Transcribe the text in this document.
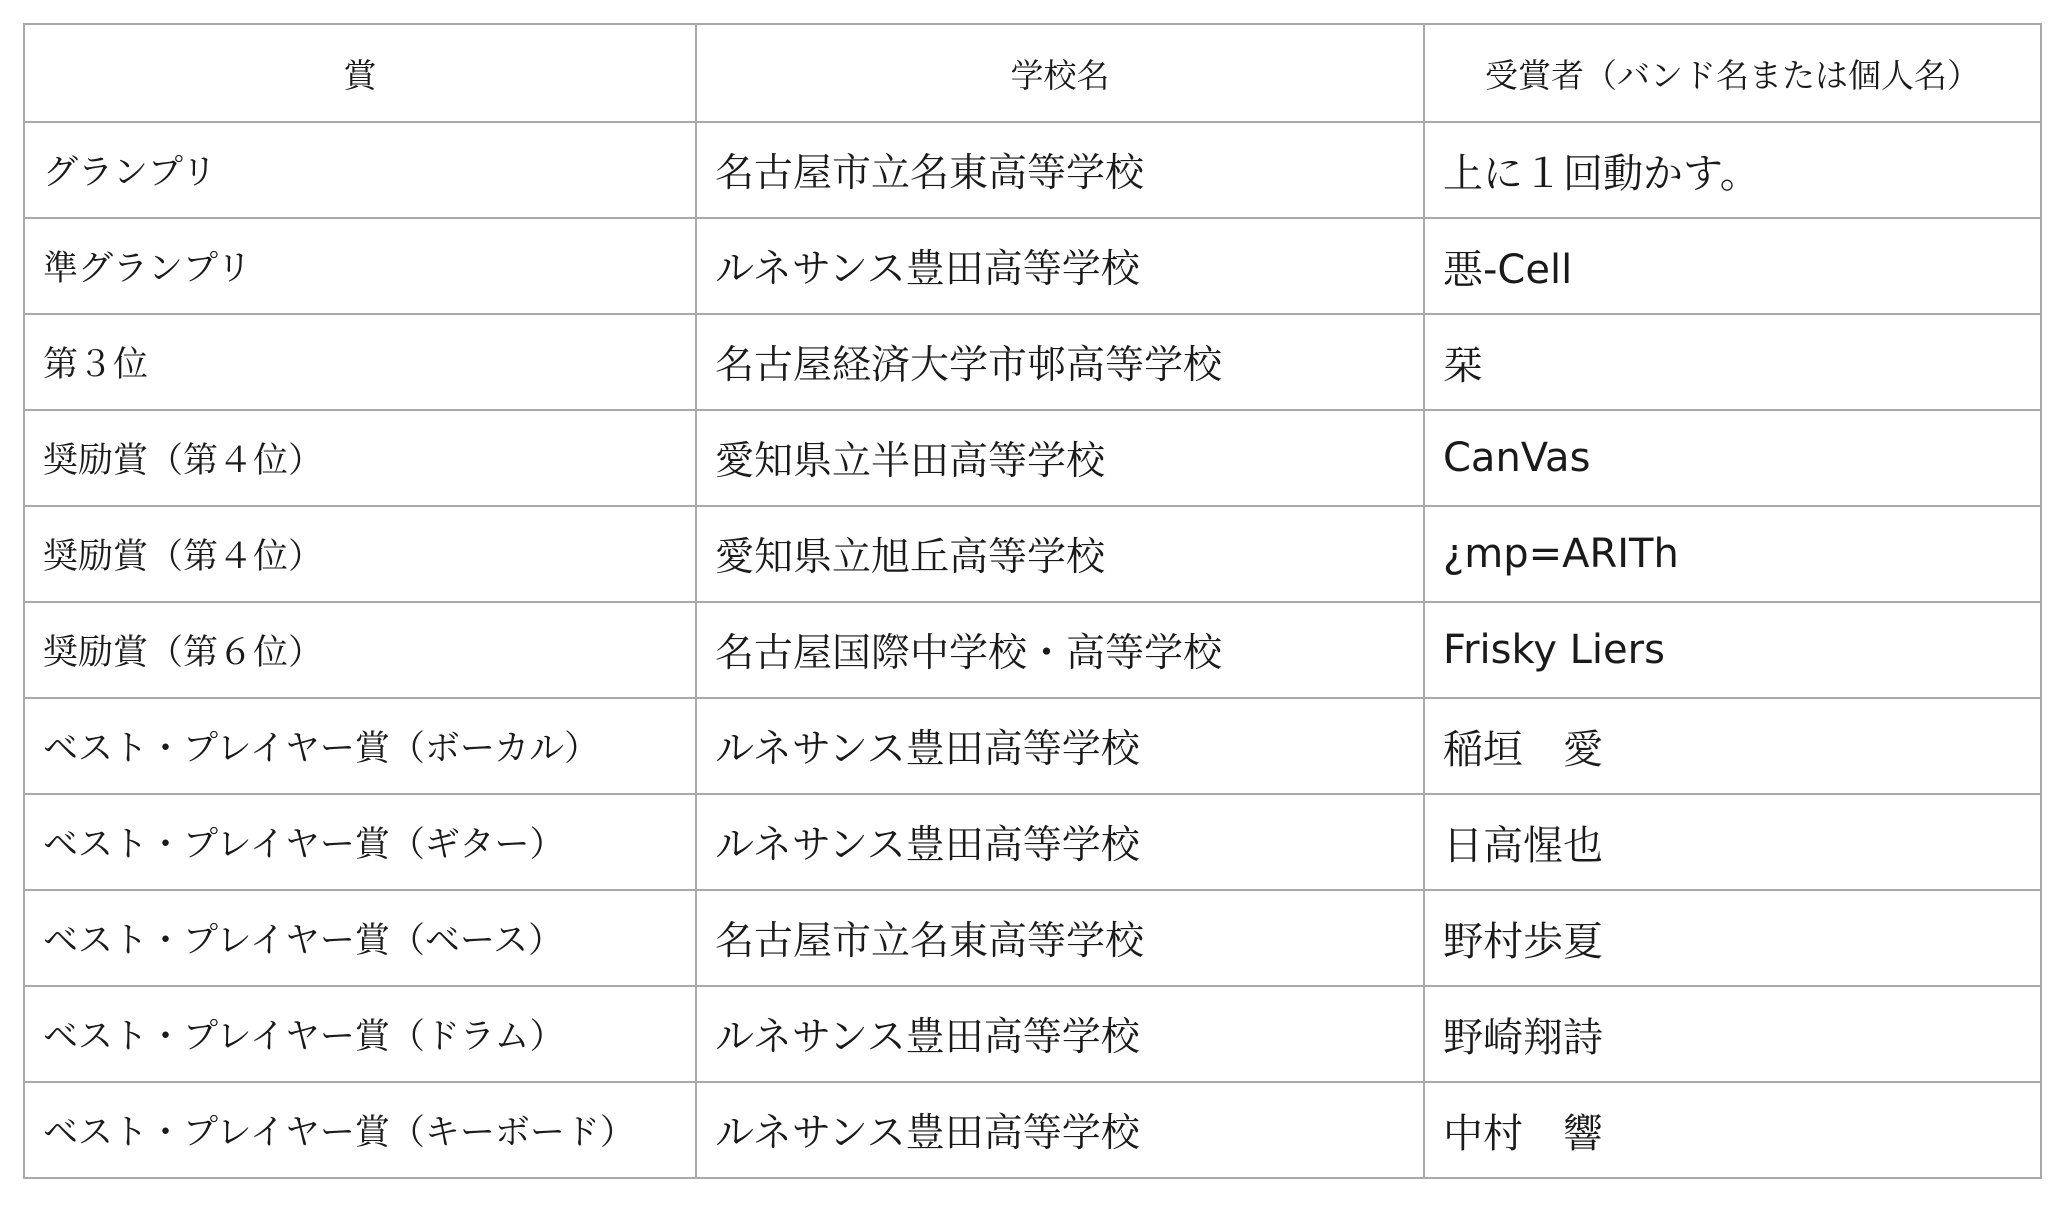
賞	学校名	受賞者（バンド名または個人名）
グランプリ	名古屋市立名東高等学校	上に１回動かす。
準グランプリ	ルネサンス豊田高等学校	悪-Cell
第３位	名古屋経済大学市邨高等学校	栞
奨励賞（第４位）	愛知県立半田高等学校	CanVas
奨励賞（第４位）	愛知県立旭丘高等学校	¿mp=ARITh
奨励賞（第６位）	名古屋国際中学校・高等学校	Frisky Liers
ベスト・プレイヤー賞（ボーカル）	ルネサンス豊田高等学校	稲垣　愛
ベスト・プレイヤー賞（ギター）	ルネサンス豊田高等学校	日高惺也
ベスト・プレイヤー賞（ベース）	名古屋市立名東高等学校	野村歩夏
ベスト・プレイヤー賞（ドラム）	ルネサンス豊田高等学校	野崎翔詩
ベスト・プレイヤー賞（キーボード）	ルネサンス豊田高等学校	中村　響
